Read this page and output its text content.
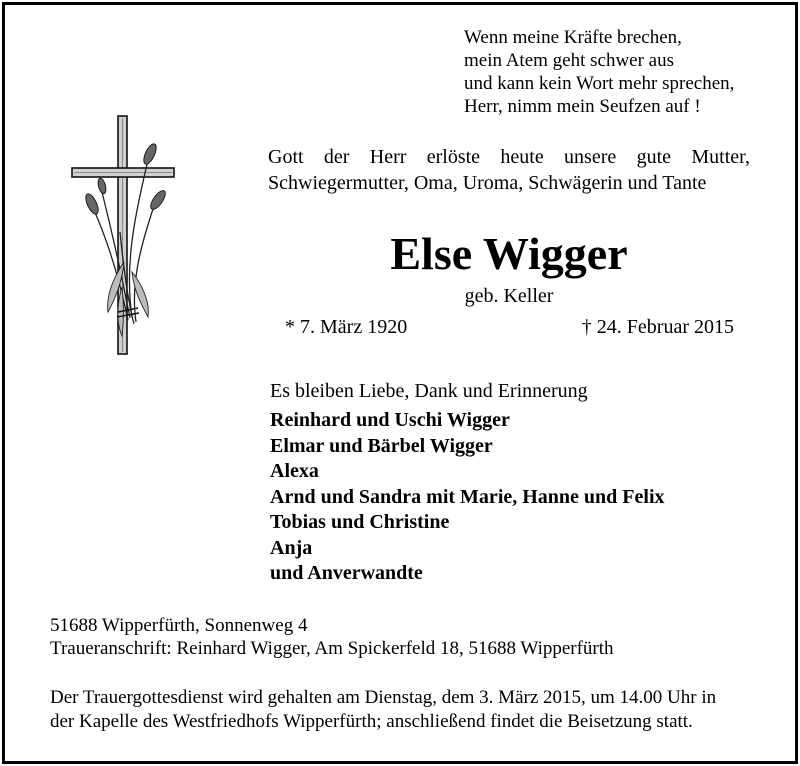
Wenn meine Kräfte brechen,
mein Atem geht schwer aus
und kann kein Wort mehr sprechen,
Herr, nimm mein Seufzen auf !
Gott der Herr erlöste heute unsere gute Mutter,
Schwiegermutter, Oma, Uroma, Schwägerin und Tante
Else Wigger
geb. Keller
* 7. März 1920	† 24. Februar 2015
Es bleiben Liebe, Dank und Erinnerung
Reinhard und Uschi Wigger
Elmar und Bärbel Wigger
Alexa
Arnd und Sandra mit Marie, Hanne und Felix
Tobias und Christine
Anja
und Anverwandte
51688 Wipperfürth, Sonnenweg 4
Traueranschrift: Reinhard Wigger, Am Spickerfeld 18, 51688 Wipperfürth
Der Trauergottesdienst wird gehalten am Dienstag, dem 3. März 2015, um 14.00 Uhr in
der Kapelle des Westfriedhofs Wipperfürth; anschließend findet die Beisetzung statt.
